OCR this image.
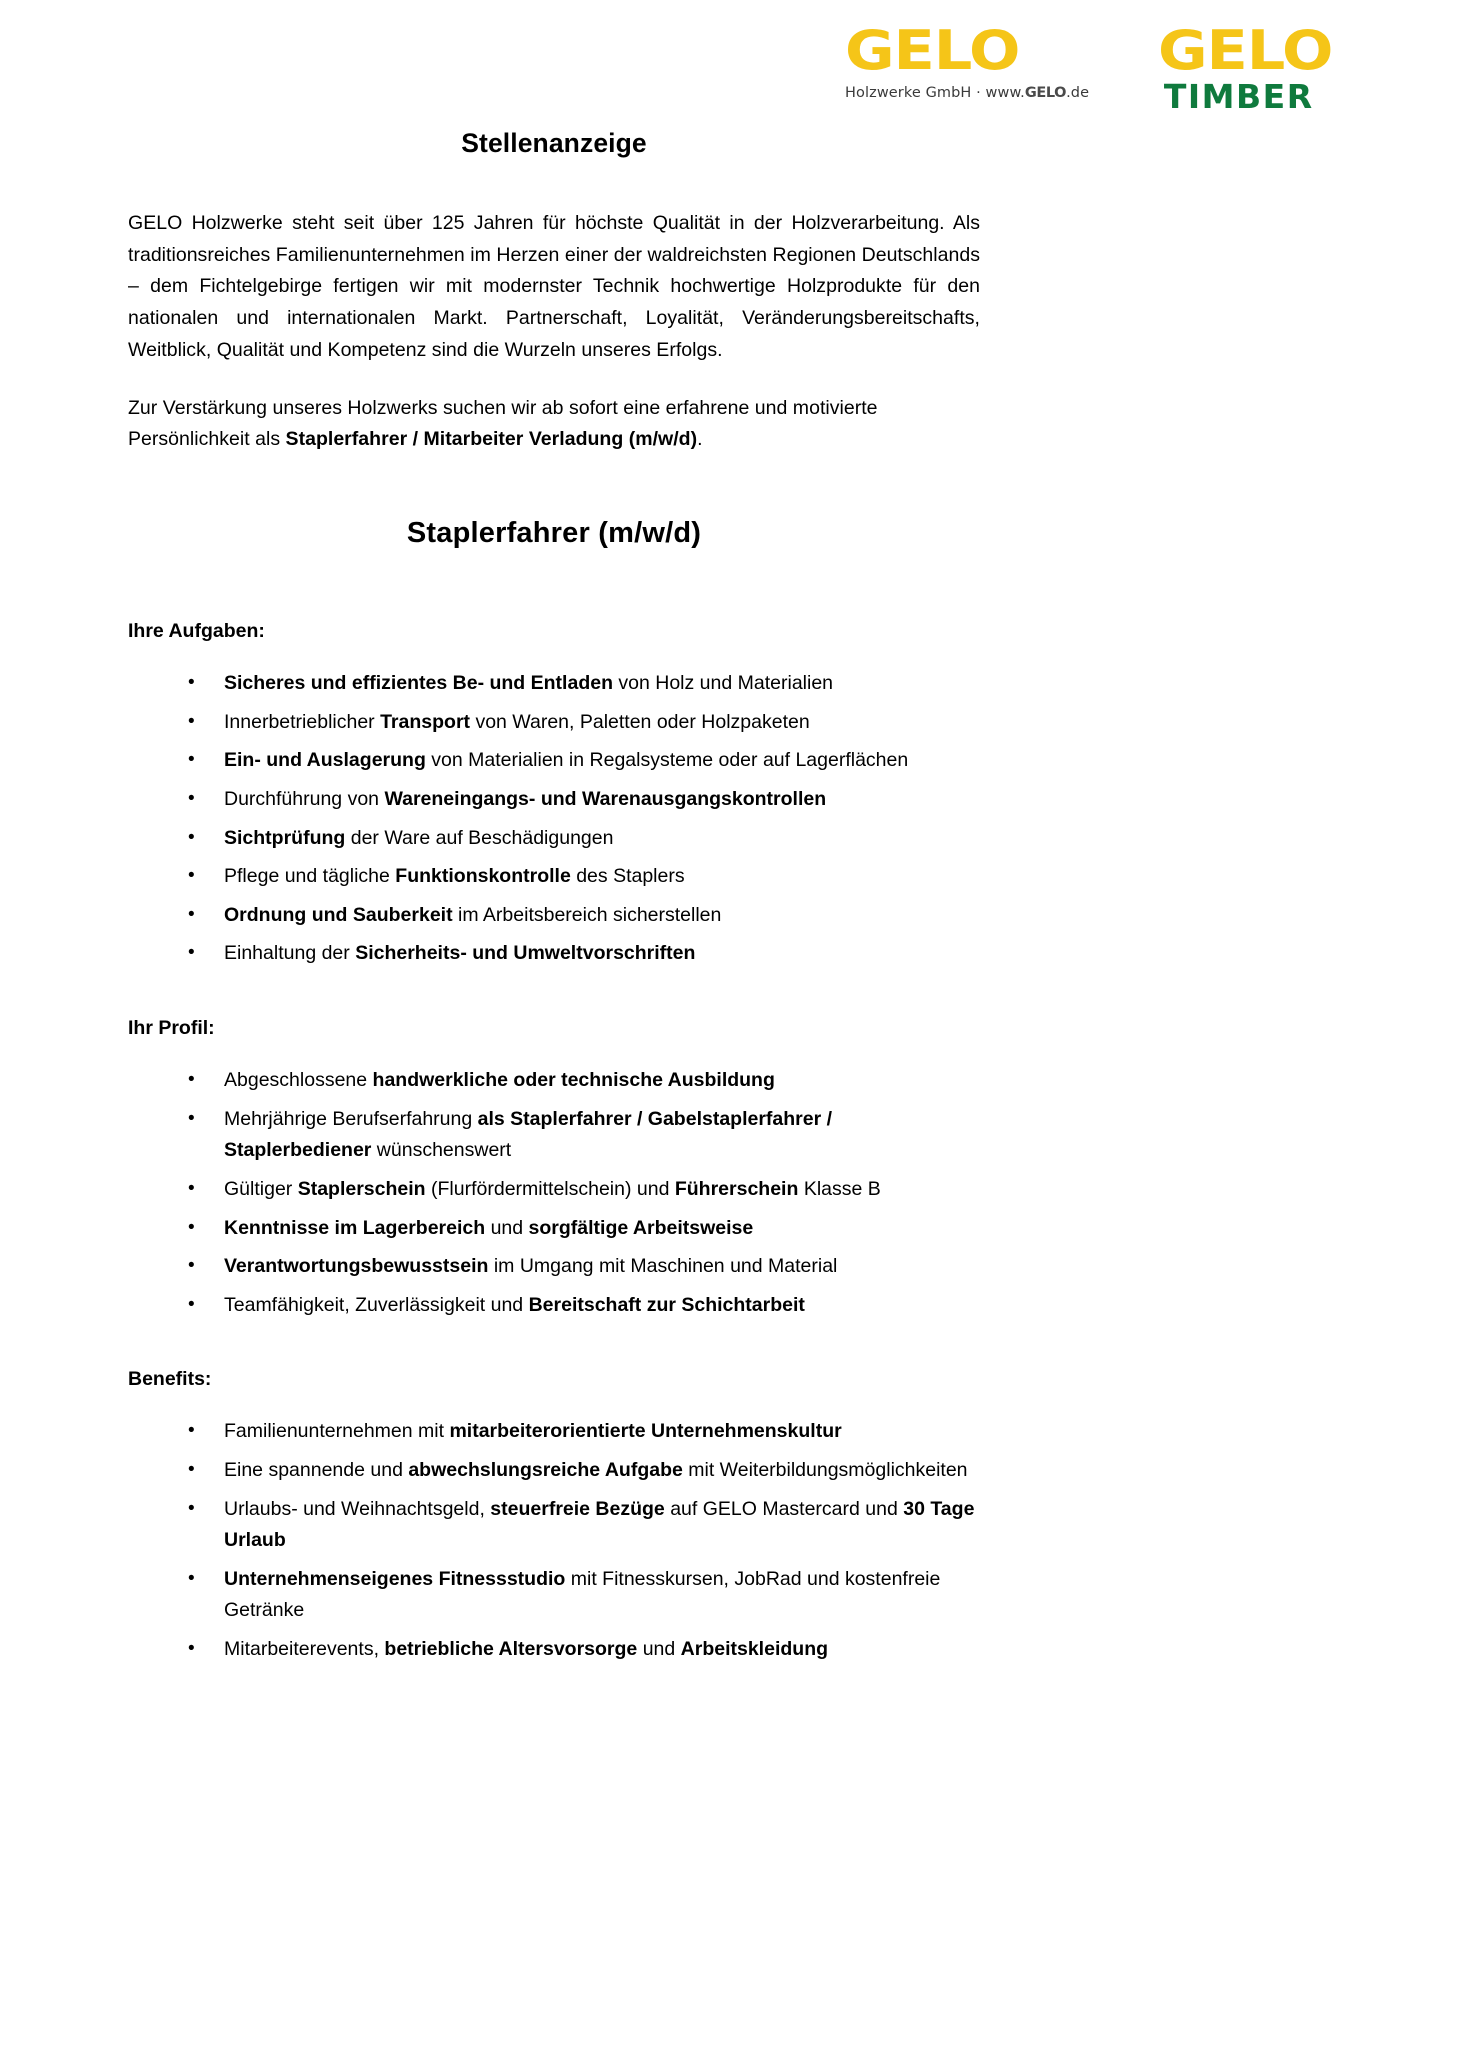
GELO
Holzwerke GmbH · www.GELO.de
GELO
TIMBER
Stellenanzeige

GELO Holzwerke steht seit über 125 Jahren für höchste Qualität in der Holzverarbeitung. Als traditionsreiches Familienunternehmen im Herzen einer der waldreichsten Regionen Deutschlands – dem Fichtelgebirge fertigen wir mit modernster Technik hochwertige Holzprodukte für den nationalen und internationalen Markt. Partnerschaft, Loyalität, Veränderungsbereitschafts, Weitblick, Qualität und Kompetenz sind die Wurzeln unseres Erfolgs.

Zur Verstärkung unseres Holzwerks suchen wir ab sofort eine erfahrene und motivierte Persönlichkeit als Staplerfahrer / Mitarbeiter Verladung (m/w/d).

Staplerfahrer (m/w/d)
Ihre Aufgaben:
• Sicheres und effizientes Be- und Entladen von Holz und Materialien
• Innerbetrieblicher Transport von Waren, Paletten oder Holzpaketen
• Ein- und Auslagerung von Materialien in Regalsysteme oder auf Lagerflächen
• Durchführung von Wareneingangs- und Warenausgangskontrollen
• Sichtprüfung der Ware auf Beschädigungen
• Pflege und tägliche Funktionskontrolle des Staplers
• Ordnung und Sauberkeit im Arbeitsbereich sicherstellen
• Einhaltung der Sicherheits- und Umweltvorschriften
Ihr Profil:
• Abgeschlossene handwerkliche oder technische Ausbildung
• Mehrjährige Berufserfahrung als Staplerfahrer / Gabelstaplerfahrer / Staplerbediener wünschenswert
• Gültiger Staplerschein (Flurfördermittelschein) und Führerschein Klasse B
• Kenntnisse im Lagerbereich und sorgfältige Arbeitsweise
• Verantwortungsbewusstsein im Umgang mit Maschinen und Material
• Teamfähigkeit, Zuverlässigkeit und Bereitschaft zur Schichtarbeit
Benefits:
• Familienunternehmen mit mitarbeiterorientierte Unternehmenskultur
• Eine spannende und abwechslungsreiche Aufgabe mit Weiterbildungsmöglichkeiten
• Urlaubs- und Weihnachtsgeld, steuerfreie Bezüge auf GELO Mastercard und 30 Tage Urlaub
• Unternehmenseigenes Fitnessstudio mit Fitnesskursen, JobRad und kostenfreie Getränke
• Mitarbeiterevents, betriebliche Altersvorsorge und Arbeitskleidung
